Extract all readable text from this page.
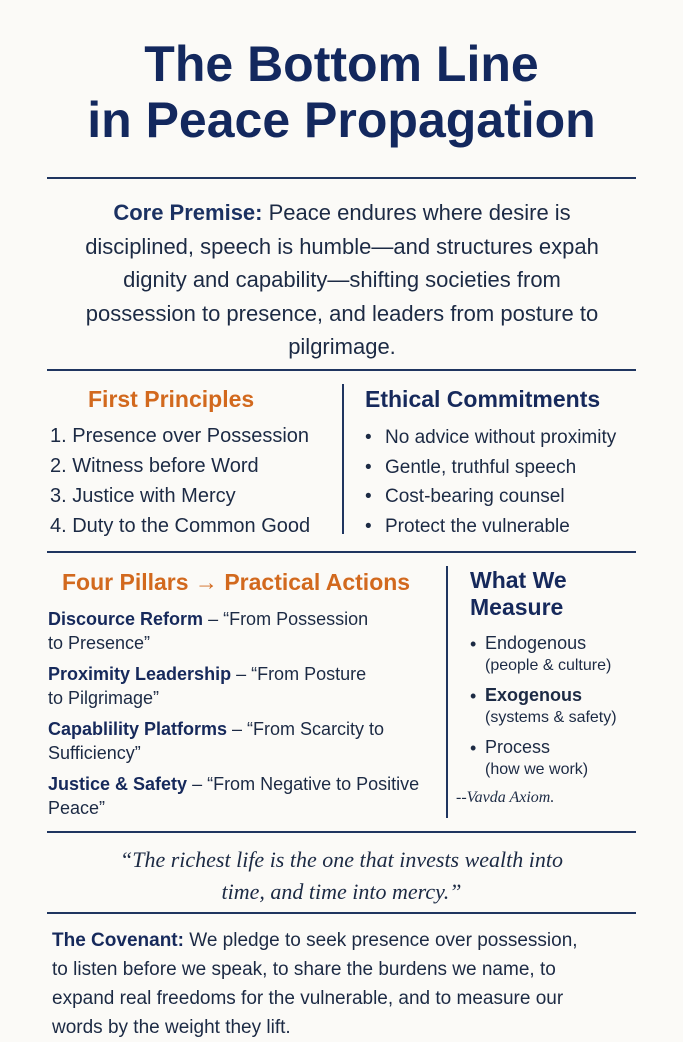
The Bottom Line
in Peace Propagation
Core Premise: Peace endures where desire is
disciplined, speech is humble—and structures expah
dignity and capability—shifting societies from
possession to presence, and leaders from posture to
pilgrimage.
First Principles
1. Presence over Possession
2. Witness before Word
3. Justice with Mercy
4. Duty to the Common Good
Ethical Commitments
• No advice without proximity
• Gentle, truthful speech
• Cost-bearing counsel
• Protect the vulnerable
Four Pillars → Practical Actions
Discource Reform – “From Possession
to Presence”
Proximity Leadership – “From Posture
to Pilgrimage”
Capablility Platforms – “From Scarcity to
Sufficiency”
Justice & Safety – “From Negative to Positive
Peace”
What We
Measure
• Endogenous
(people & culture)
• Exogenous
(systems & safety)
• Process
(how we work)
--Vavda Axiom.
“The richest life is the one that invests wealth into
time, and time into mercy.”
The Covenant: We pledge to seek presence over possession,
to listen before we speak, to share the burdens we name, to
expand real freedoms for the vulnerable, and to measure our
words by the weight they lift.
